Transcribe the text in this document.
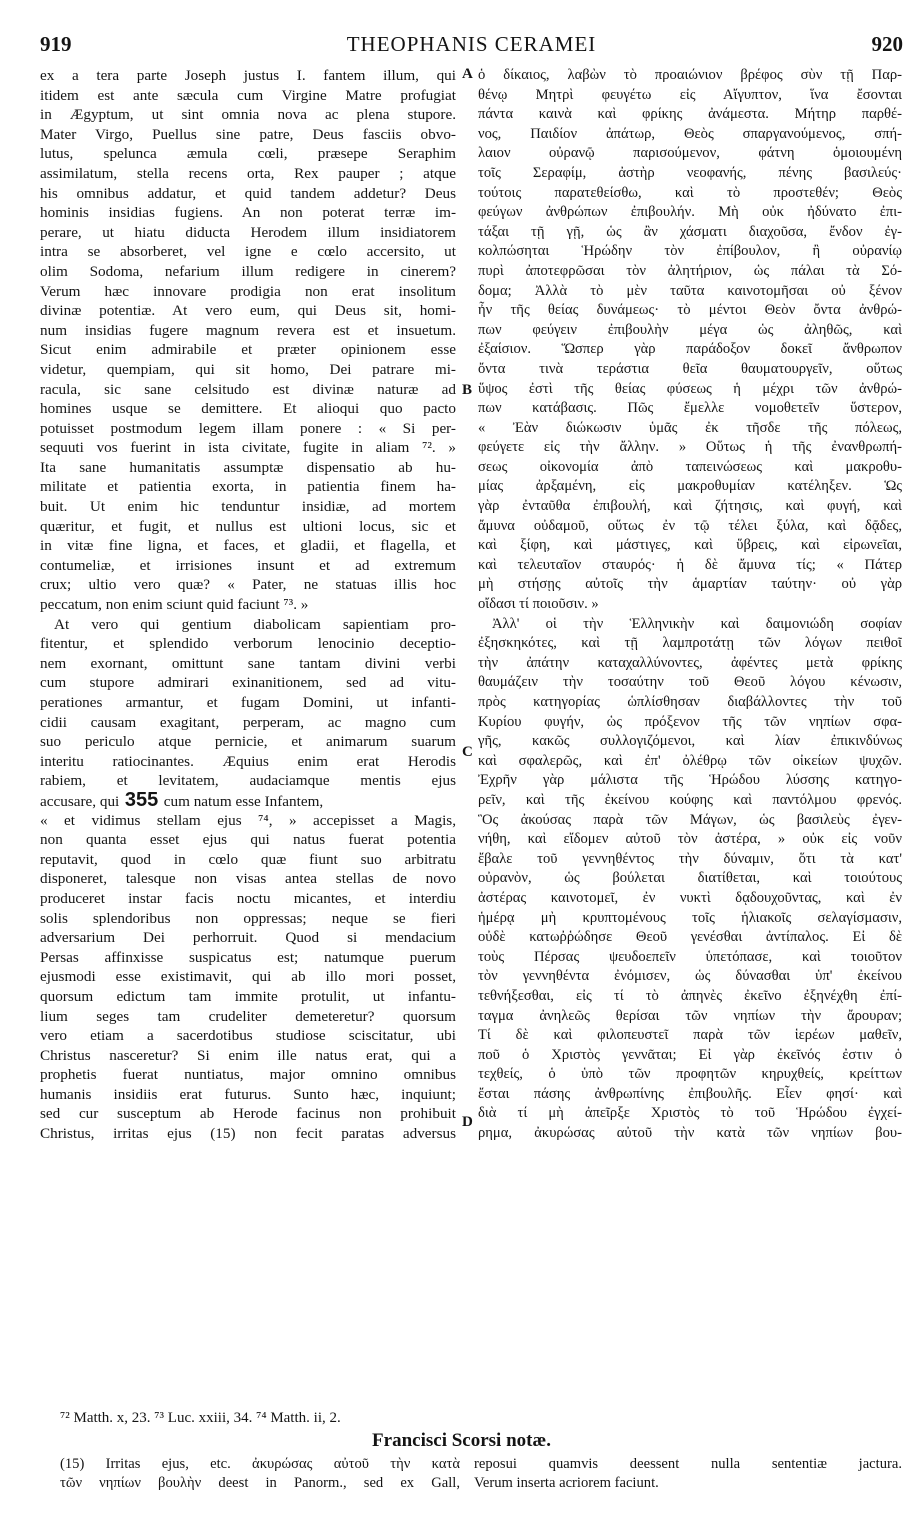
919	THEOPHANIS CERAMEI	920
ex a tera parte Joseph justus I. fantem illum, qui
itidem est ante sæcula cum Virgine Matre profugiat
in Ægyptum, ut sint omnia nova ac plena stupore.
Mater Virgo, Puellus sine patre, Deus fasciis obvo-
lutus, spelunca æmula cœli, præsepe Seraphim
assimilatum, stella recens orta, Rex pauper ; atque
his omnibus addatur, et quid tandem addetur? Deus
hominis insidias fugiens. An non poterat terræ im-
perare, ut hiatu diducta Herodem illum insidiatorem
intra se absorberet, vel igne e cœlo accersito, ut
olim Sodoma, nefarium illum redigere in cinerem?
Verum hæc innovare prodigia non erat insolitum
divinæ potentiæ. At vero eum, qui Deus sit, homi-
num insidias fugere magnum revera est et insuetum.
Sicut enim admirabile et præter opinionem esse
videtur, quempiam, qui sit homo, Dei patrare mi-
racula, sic sane celsitudo est divinæ naturæ ad
homines usque se demittere. Et alioqui quo pacto
potuisset postmodum legem illam ponere : « Si per-
sequuti vos fuerint in ista civitate, fugite in aliam ⁷². »
Ita sane humanitatis assumptæ dispensatio ab hu-
militate et patientia exorta, in patientia finem ha-
buit. Ut enim hic tenduntur insidiæ, ad mortem
quæritur, et fugit, et nullus est ultioni locus, sic et
in vitæ fine ligna, et faces, et gladii, et flagella, et
contumeliæ, et irrisiones insunt et ad extremum
crux; ultio vero quæ? « Pater, ne statuas illis hoc
peccatum, non enim sciunt quid faciunt ⁷³. »
At vero qui gentium diabolicam sapientiam pro-
fitentur, et splendido verborum lenocinio deceptio-
nem exornant, omittunt sane tantam divini verbi
cum stupore admirari exinanitionem, sed ad vitu-
perationes armantur, et fugam Domini, ut infanti-
cidii causam exagitant, perperam, ac magno cum
suo periculo atque pernicie, et animarum suarum
interitu ratiocinantes. Æquius enim erat Herodis
rabiem, et levitatem, audaciamque mentis ejus
accusare, qui 355 cum natum esse Infantem,
« et vidimus stellam ejus ⁷⁴, » accepisset a Magis,
non quanta esset ejus qui natus fuerat potentia
reputavit, quod in cœlo quæ fiunt suo arbitratu
disponeret, talesque non visas antea stellas de novo
produceret instar facis noctu micantes, et interdiu
solis splendoribus non oppressas; neque se fieri
adversarium Dei perhorruit. Quod si mendacium
Persas affinxisse suspicatus est; natumque puerum
ejusmodi esse existimavit, qui ab illo mori posset,
quorsum edictum tam immite protulit, ut infantu-
lium seges tam crudeliter demeteretur? quorsum
vero etiam a sacerdotibus studiose sciscitatur, ubi
Christus nasceretur? Si enim ille natus erat, qui a
prophetis fuerat nuntiatus, major omnino omnibus
humanis insidiis erat futurus. Sunto hæc, inquiunt;
sed cur susceptum ab Herode facinus non prohibuit
Christus, irritas ejus (15) non fecit paratas adversus
ὁ δίκαιος, λαβὼν τὸ προαιώνιον βρέφος σὺν τῇ Παρ-
θένῳ Μητρὶ φευγέτω εἰς Αἴγυπτον, ἵνα ἔσονται
πάντα καινὰ καὶ φρίκης ἀνάμεστα. Μήτηρ παρθέ-
νος, Παιδίον ἀπάτωρ, Θεὸς σπαργανούμενος, σπή-
λαιον οὐρανῷ παρισούμενον, φάτνη ὁμοιουμένη
τοῖς Σεραφίμ, ἀστὴρ νεοφανής, πένης βασιλεύς·
τούτοις παρατεθείσθω, καὶ τὸ προστεθέν; Θεὸς
φεύγων ἀνθρώπων ἐπιβουλήν. Μὴ οὐκ ἠδύνατο ἐπι-
τάξαι τῇ γῇ, ὡς ἂν χάσματι διαχοῦσα, ἔνδον ἐγ-
κολπώσηται Ἡρώδην τὸν ἐπίβουλον, ἢ οὐρανίῳ
πυρὶ ἀποτεφρῶσαι τὸν ἀλητήριον, ὡς πάλαι τὰ Σό-
δομα; Ἀλλὰ τὸ μὲν ταῦτα καινοτομῆσαι οὐ ξένον
ἦν τῆς θείας δυνάμεως· τὸ μέντοι Θεὸν ὄντα ἀνθρώ-
πων φεύγειν ἐπιβουλὴν μέγα ὡς ἀληθῶς, καὶ
ἐξαίσιον. Ὥσπερ γὰρ παράδοξον δοκεῖ ἄνθρωπον
ὄντα τινὰ τεράστια θεῖα θαυματουργεῖν, οὕτως
ὕψος ἐστὶ τῆς θείας φύσεως ἡ μέχρι τῶν ἀνθρώ-
πων κατάβασις. Πῶς ἔμελλε νομοθετεῖν ὕστερον,
« Ἐὰν διώκωσιν ὑμᾶς ἐκ τῆσδε τῆς πόλεως,
φεύγετε εἰς τὴν ἄλλην. » Οὕτως ἡ τῆς ἐνανθρωπή-
σεως οἰκονομία ἀπὸ ταπεινώσεως καὶ μακροθυ-
μίας ἀρξαμένη, εἰς μακροθυμίαν κατέληξεν. Ὡς
γὰρ ἐνταῦθα ἐπιβουλή, καὶ ζήτησις, καὶ φυγή, καὶ
ἄμυνα οὐδαμοῦ, οὕτως ἐν τῷ τέλει ξύλα, καὶ δᾷδες,
καὶ ξίφη, καὶ μάστιγες, καὶ ὕβρεις, καὶ εἰρωνεῖαι,
καὶ τελευταῖον σταυρός· ἡ δὲ ἄμυνα τίς; « Πάτερ
μὴ στήσῃς αὐτοῖς τὴν ἁμαρτίαν ταύτην· οὐ γὰρ
οἴδασι τί ποιοῦσιν. »
Ἀλλ' οἱ τὴν Ἑλληνικὴν καὶ δαιμονιώδη σοφίαν
ἐξησκηκότες, καὶ τῇ λαμπροτάτῃ τῶν λόγων πειθοῖ
τὴν ἀπάτην καταχαλλύνοντες, ἀφέντες μετὰ φρίκης
θαυμάζειν τὴν τοσαύτην τοῦ Θεοῦ λόγου κένωσιν,
πρὸς κατηγορίας ὡπλίσθησαν διαβάλλοντες τὴν τοῦ
Κυρίου φυγήν, ὡς πρόξενον τῆς τῶν νηπίων σφα-
γῆς, κακῶς συλλογιζόμενοι, καὶ λίαν ἐπικινδύνως
καὶ σφαλερῶς, καὶ ἐπ' ὀλέθρῳ τῶν οἰκείων ψυχῶν.
Ἐχρῆν γὰρ μάλιστα τῆς Ἡρώδου λύσσης κατηγο-
ρεῖν, καὶ τῆς ἐκείνου κούφης καὶ παντόλμου φρενός.
Ὃς ἀκούσας παρὰ τῶν Μάγων, ὡς βασιλεὺς ἐγεν-
νήθη, καὶ εἴδομεν αὐτοῦ τὸν ἀστέρα, » οὐκ εἰς νοῦν
ἔβαλε τοῦ γεννηθέντος τὴν δύναμιν, ὅτι τὰ κατ'
οὐρανὸν, ὡς βούλεται διατίθεται, καὶ τοιούτους
ἀστέρας καινοτομεῖ, ἐν νυκτὶ δᾳδουχοῦντας, καὶ ἐν
ἡμέρᾳ μὴ κρυπτομένους τοῖς ἡλιακοῖς σελαγίσμασιν,
οὐδὲ κατωῤῥώδησε Θεοῦ γενέσθαι ἀντίπαλος. Εἰ δὲ
τοὺς Πέρσας ψευδοεπεῖν ὑπετόπασε, καὶ τοιοῦτον
τὸν γεννηθέντα ἐνόμισεν, ὡς δύνασθαι ὑπ' ἐκείνου
τεθνήξεσθαι, εἰς τί τὸ ἀπηνὲς ἐκεῖνο ἐξηνέχθη ἐπί-
ταγμα ἀνηλεῶς θερίσαι τῶν νηπίων τὴν ἄρουραν;
Τί δὲ καὶ φιλοπευστεῖ παρὰ τῶν ἱερέων μαθεῖν,
ποῦ ὁ Χριστὸς γεννᾶται; Εἰ γὰρ ἐκεῖνός ἐστιν ὁ
τεχθείς, ὁ ὑπὸ τῶν προφητῶν κηρυχθείς, κρείττων
ἔσται πάσης ἀνθρωπίνης ἐπιβουλῆς. Εἶεν φησί· καὶ
διὰ τί μὴ ἀπεῖρξε Χριστὸς τὸ τοῦ Ἡρώδου ἐγχεί-
ρημα, ἀκυρώσας αὐτοῦ τὴν κατὰ τῶν νηπίων βου-
A
B
C
D
⁷² Matth. x, 23. ⁷³ Luc. xxiii, 34. ⁷⁴ Matth. ii, 2.
Francisci Scorsi notæ.
(15) Irritas ejus, etc. ἀκυρώσας αὐτοῦ τὴν κατὰ
τῶν νηπίων βουλὴν deest in Panorm., sed ex Gall,
reposui quamvis deessent nulla sententiæ jactura.
Verum inserta acriorem faciunt.
